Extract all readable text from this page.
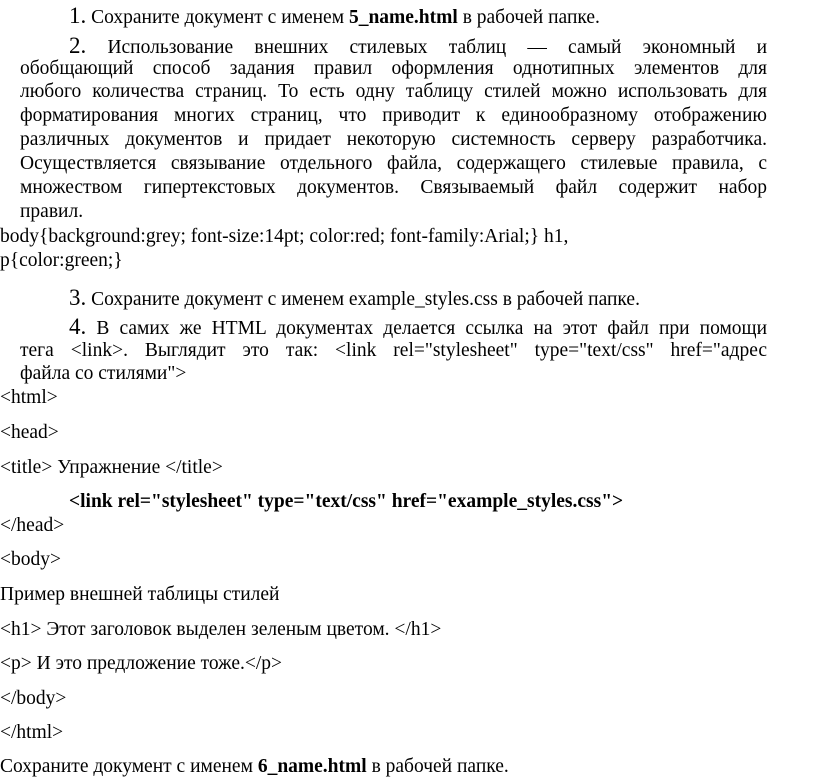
1. Сохраните документ с именем 5_name.html в рабочей папке.
2. Использование внешних стилевых таблиц — самый экономный и
обобщающий способ задания правил оформления однотипных элементов для
любого количества страниц. То есть одну таблицу стилей можно использовать для
форматирования многих страниц, что приводит к единообразному отображению
различных документов и придает некоторую системность серверу разработчика.
Осуществляется связывание отдельного файла, содержащего стилевые правила, с
множеством гипертекстовых документов. Связываемый файл содержит набор
правил.
body{background:grey; font-size:14pt; color:red; font-family:Arial;} h1,
p{color:green;}
3. Сохраните документ с именем example_styles.css в рабочей папке.
4. В самих же HTML документах делается ссылка на этот файл при помощи
тега <link>. Выглядит это так: <link rel="stylesheet" type="text/css" href="адрес
файла со стилями">
<html>
<head>
<title> Упражнение </title>
<link rel="stylesheet" type="text/css" href="example_styles.css">
</head>
<body>
Пример внешней таблицы стилей
<h1> Этот заголовок выделен зеленым цветом. </h1>
<p> И это предложение тоже.</p>
</body>
</html>
Сохраните документ с именем 6_name.html в рабочей папке.
